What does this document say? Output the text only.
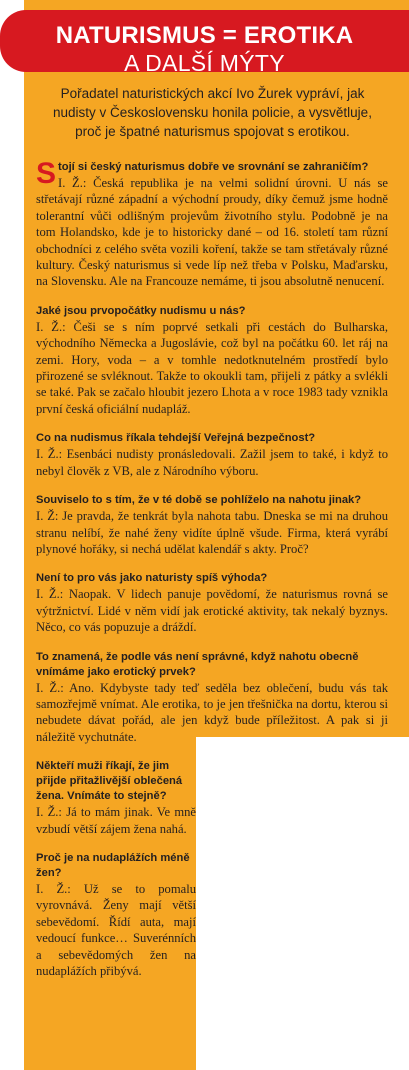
NATURISMUS = EROTIKA
A DALŠÍ MÝTY
Pořadatel naturistických akcí Ivo Žurek vypráví, jak nudisty v Československu honila policie, a vysvětluje, proč je špatné naturismus spojovat s erotikou.
Stojí si český naturismus dobře ve srovnání se zahraničím?
I. Ž.: Česká republika je na velmi solidní úrovni. U nás se střetávají různé západní a východní proudy, díky čemuž jsme hodně tolerantní vůči odlišným projevům životního stylu. Podobně je na tom Holandsko, kde je to historicky dané – od 16. století tam různí obchodníci z celého světa vozili koření, takže se tam střetávaly různé kultury. Český naturismus si vede líp než třeba v Polsku, Maďarsku, na Slovensku. Ale na Francouze nemáme, ti jsou absolutně nenucení.
Jaké jsou prvopočátky nudismu u nás?
I. Ž.: Češi se s ním poprvé setkali při cestách do Bulharska, východního Německa a Jugoslávie, což byl na počátku 60. let ráj na zemi. Hory, voda – a v tomhle nedotknutelném prostředí bylo přirozené se svléknout. Takže to okoukli tam, přijeli z pátky a svlékli se také. Pak se začalo hloubit jezero Lhota a v roce 1983 tady vznikla první česká oficiální nudapláž.
Co na nudismus říkala tehdejší Veřejná bezpečnost?
I. Ž.: Esenbáci nudisty pronásledovali. Zažil jsem to také, i když to nebyl člověk z VB, ale z Národního výboru.
Souviselo to s tím, že v té době se pohlíželo na nahotu jinak?
I. Ž: Je pravda, že tenkrát byla nahota tabu. Dneska se mi na druhou stranu nelíbí, že nahé ženy vidíte úplně všude. Firma, která vyrábí plynové hořáky, si nechá udělat kalendář s akty. Proč?
Není to pro vás jako naturisty spíš výhoda?
I. Ž.: Naopak. V lidech panuje povědomí, že naturismus rovná se výtržnictví. Lidé v něm vidí jak erotické aktivity, tak nekalý byznys. Něco, co vás popuzuje a dráždí.
To znamená, že podle vás není správné, když nahotu obecně vnímáme jako erotický prvek?
I. Ž.: Ano. Kdybyste tady teď seděla bez oblečení, budu vás tak samozřejmě vnímat. Ale erotika, to je jen třešnička na dortu, kterou si nebudete dávat pořád, ale jen když bude příležitost. A pak si ji náležitě vychutnáte.
Někteří muži říkají, že jim přijde přitažlivější oblečená žena. Vnímáte to stejně?
I. Ž.: Já to mám jinak. Ve mně vzbudí větší zájem žena nahá.
Proč je na nudaplážích méně žen?
I. Ž.: Už se to pomalu vyrovnává. Ženy mají větší sebevědomí. Řídí auta, mají vedoucí funkce… Suverénních a sebevědomých žen na nudaplážích přibývá.
